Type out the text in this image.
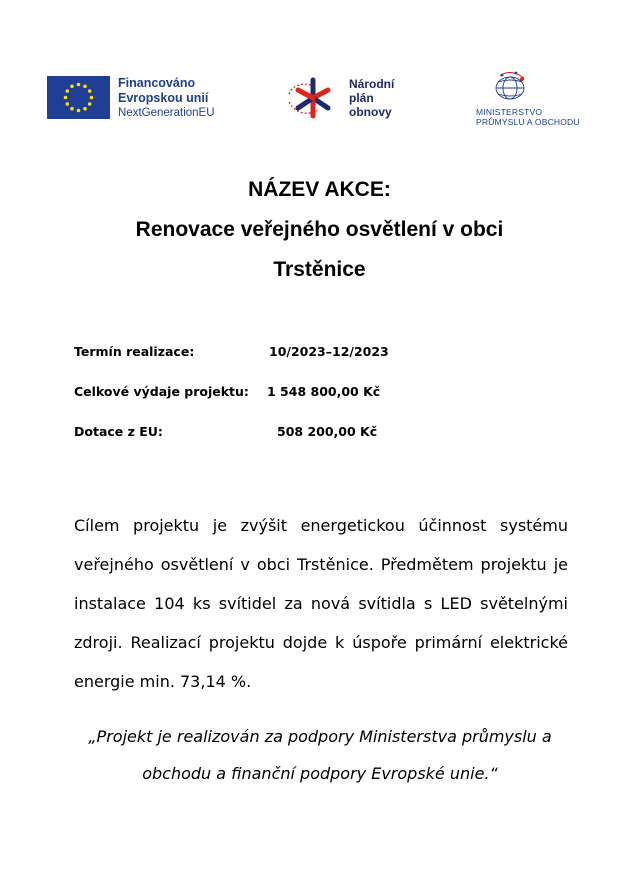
Financováno
Evropskou unií
NextGenerationEU
Národní
plán
obnovy	MINISTERSTVO
PRŮMYSLU A OBCHODU
NÁZEV AKCE:
Renovace veřejného osvětlení v obci
Trstěnice
Termín realizace:	10/2023–12/2023
Celkové výdaje projektu: 1 548 800,00 Kč
Dotace z EU:	508 200,00 Kč
Cílem projektu je zvýšit energetickou účinnost systému veřejného osvětlení v obci Trstěnice. Předmětem projektu je instalace 104 ks svítidel za nová svítidla s LED světelnými zdroji. Realizací projektu dojde k úspoře primární elektrické energie min. 73,14 %.
„Projekt je realizován za podpory Ministerstva průmyslu a obchodu a finanční podpory Evropské unie.“
